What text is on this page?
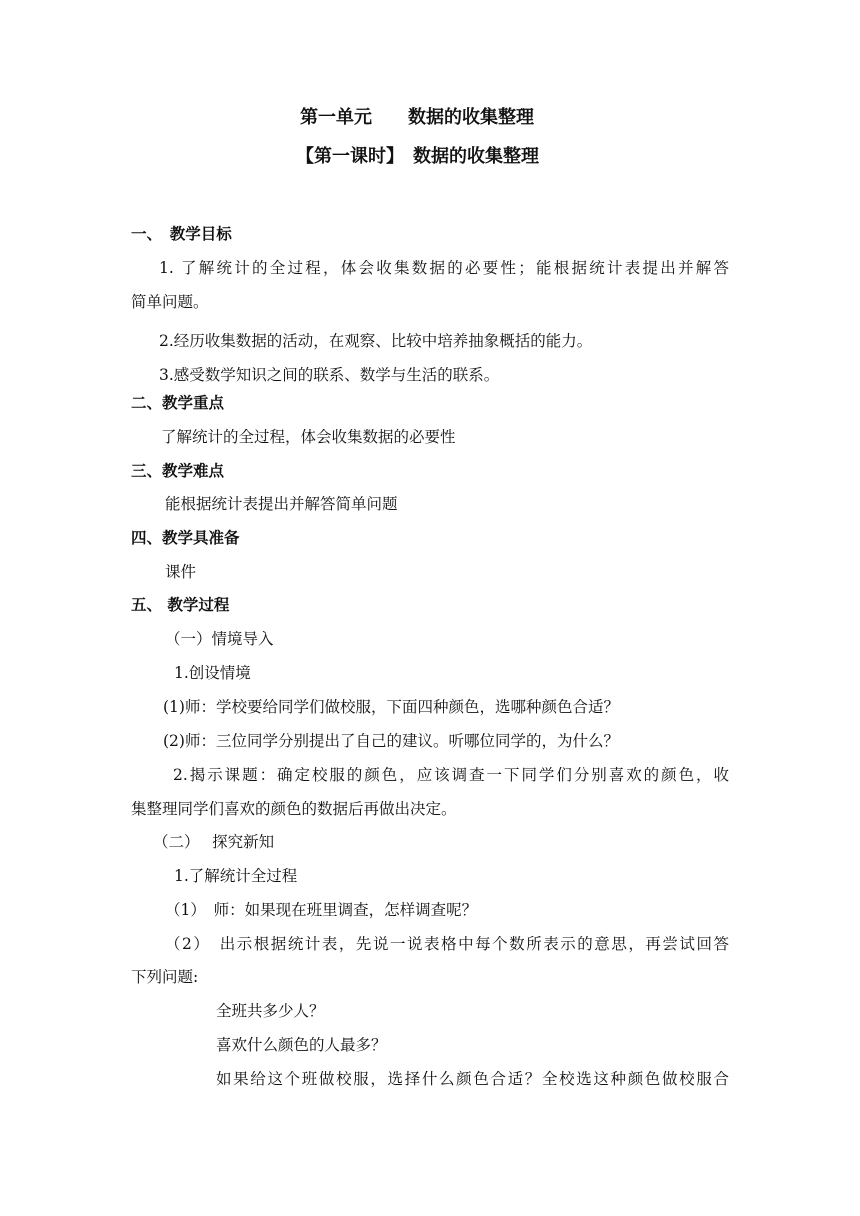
第一单元　　数据的收集整理
【第一课时】　数据的收集整理
一、　教学目标
1. 了解统计的全过程，体会收集数据的必要性；能根据统计表提出并解答
简单问题。
2.经历收集数据的活动，在观察、比较中培养抽象概括的能力。
3.感受数学知识之间的联系、数学与生活的联系。
二、教学重点
了解统计的全过程，体会收集数据的必要性
三、教学难点
能根据统计表提出并解答简单问题
四、教学具准备
课件
五、 教学过程
（一）情境导入
1.创设情境
(1)师：学校要给同学们做校服，下面四种颜色，选哪种颜色合适？
(2)师：三位同学分别提出了自己的建议。听哪位同学的，为什么？
2.揭示课题：确定校服的颜色，应该调查一下同学们分别喜欢的颜色，收
集整理同学们喜欢的颜色的数据后再做出决定。
（二）　 探究新知
1.了解统计全过程
（1）　师：如果现在班里调查，怎样调查呢？
（2）　出示根据统计表，先说一说表格中每个数所表示的意思，再尝试回答
下列问题:
全班共多少人？
喜欢什么颜色的人最多？
如果给这个班做校服，选择什么颜色合适？全校选这种颜色做校服合
